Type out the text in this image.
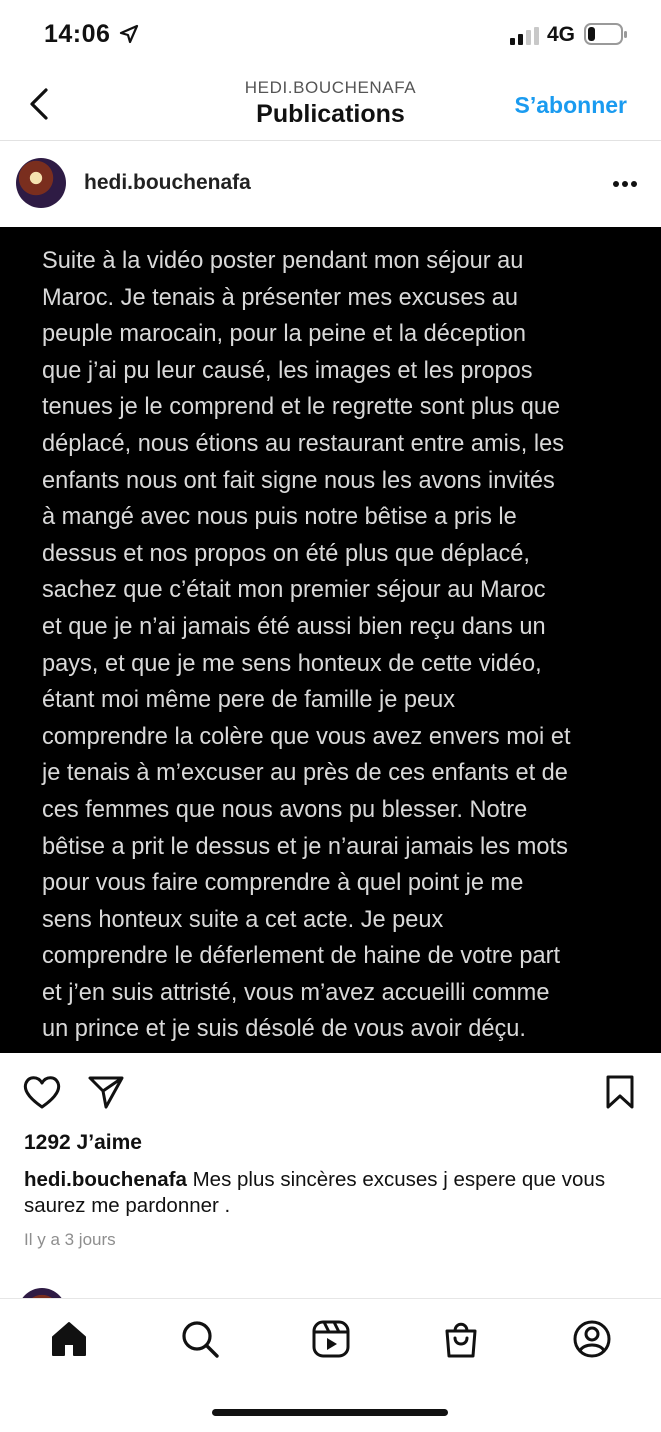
14:06	4G
HEDI.BOUCHENAFA
Publications	S’abonner
hedi.bouchenafa

Suite à la vidéo poster pendant mon séjour au
Maroc. Je tenais à présenter mes excuses au
peuple marocain, pour la peine et la déception
que j’ai pu leur causé, les images et les propos
tenues je le comprend et le regrette sont plus que
déplacé, nous étions au restaurant entre amis, les
enfants nous ont fait signe nous les avons invités
à mangé avec nous puis notre bêtise a pris le
dessus et nos propos on été plus que déplacé,
sachez que c’était mon premier séjour au Maroc
et que je n’ai jamais été aussi bien reçu dans un
pays, et que je me sens honteux de cette vidéo,
étant moi même pere de famille je peux
comprendre la colère que vous avez envers moi et
je tenais à m’excuser au près de ces enfants et de
ces femmes que nous avons pu blesser. Notre
bêtise a prit le dessus et je n’aurai jamais les mots
pour vous faire comprendre à quel point je me
sens honteux suite a cet acte. Je peux
comprendre le déferlement de haine de votre part
et j’en suis attristé, vous m’avez accueilli comme
un prince et je suis désolé de vous avoir déçu.

1292 J’aime
hedi.bouchenafa Mes plus sincères excuses j espere que vous saurez me pardonner .
Il y a 3 jours
